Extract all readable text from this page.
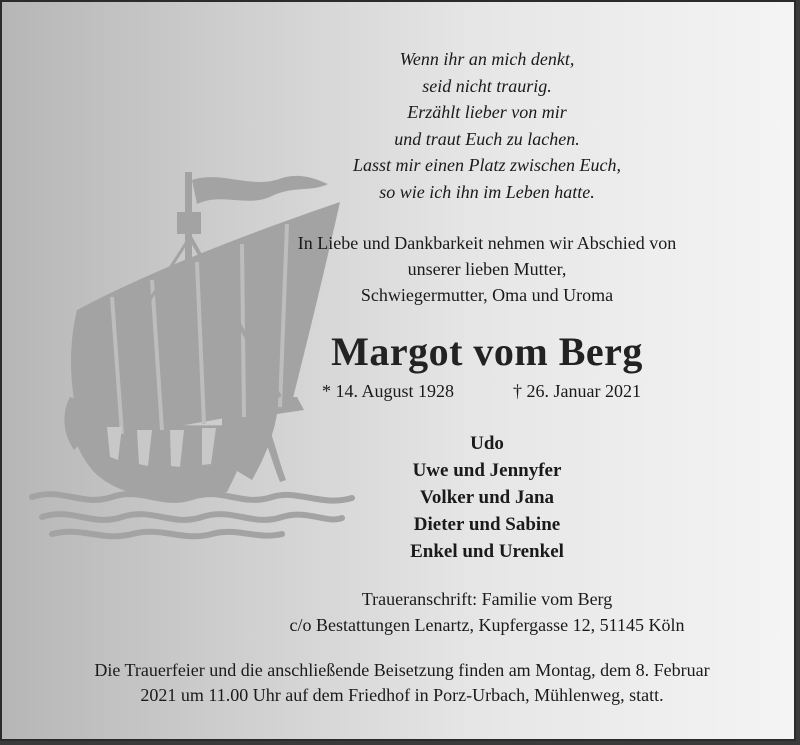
Wenn ihr an mich denkt,
seid nicht traurig.
Erzählt lieber von mir
und traut Euch zu lachen.
Lasst mir einen Platz zwischen Euch,
so wie ich ihn im Leben hatte.
In Liebe und Dankbarkeit nehmen wir Abschied von
unserer lieben Mutter,
Schwiegermutter, Oma und Uroma
Margot vom Berg
* 14. August 1928	† 26. Januar 2021
Udo
Uwe und Jennyfer
Volker und Jana
Dieter und Sabine
Enkel und Urenkel
Traueranschrift: Familie vom Berg
c/o Bestattungen Lenartz, Kupfergasse 12, 51145 Köln
Die Trauerfeier und die anschließende Beisetzung finden am Montag, dem 8. Februar
2021 um 11.00 Uhr auf dem Friedhof in Porz-Urbach, Mühlenweg, statt.
